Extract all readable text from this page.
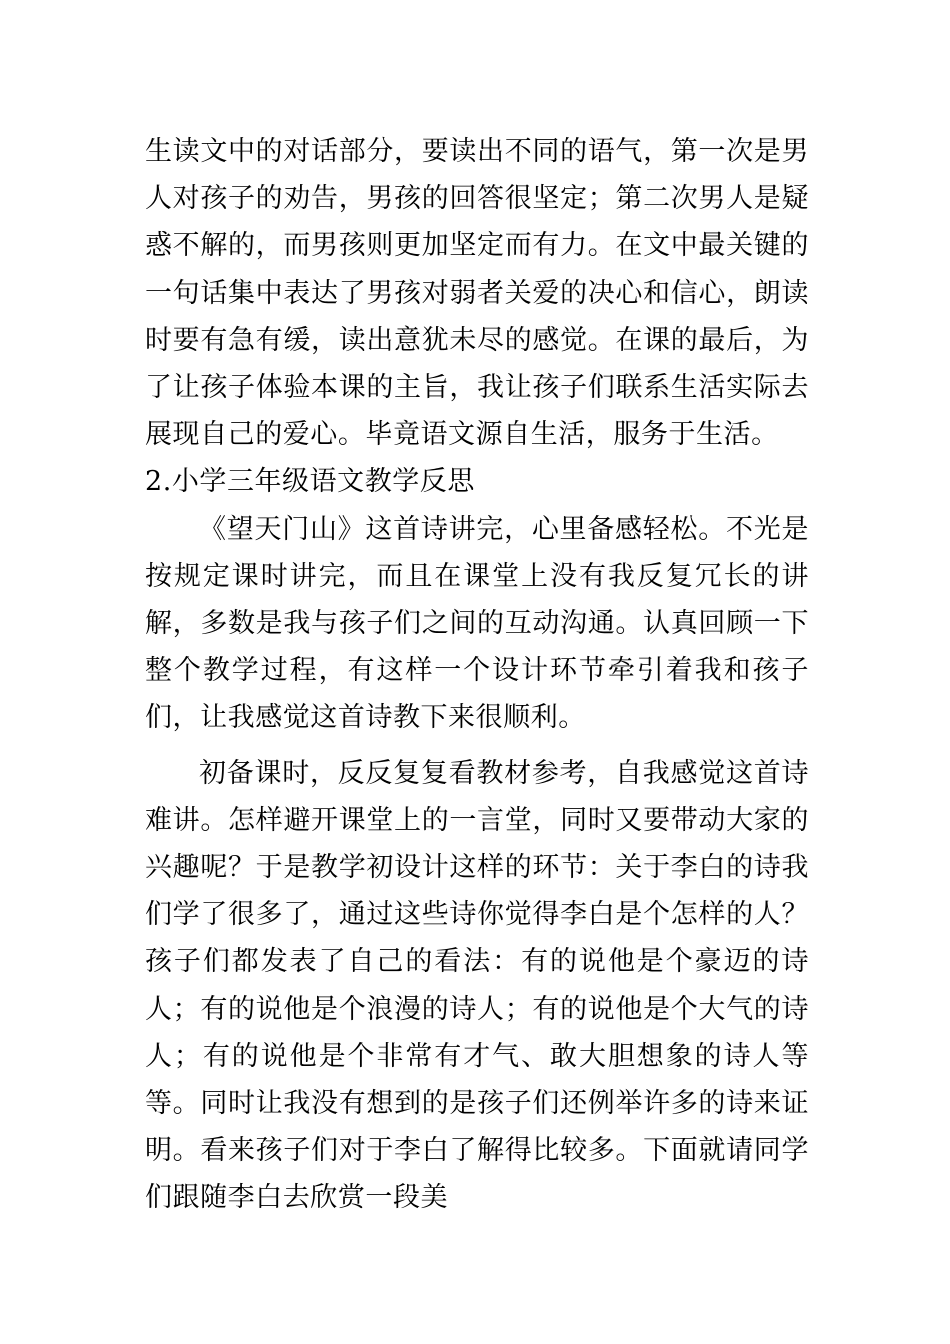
生读文中的对话部分，要读出不同的语气，第一次是男人对孩子的劝告，男孩的回答很坚定；第二次男人是疑惑不解的，而男孩则更加坚定而有力。在文中最关键的一句话集中表达了男孩对弱者关爱的决心和信心，朗读时要有急有缓，读出意犹未尽的感觉。在课的最后，为了让孩子体验本课的主旨，我让孩子们联系生活实际去展现自己的爱心。毕竟语文源自生活，服务于生活。

2.小学三年级语文教学反思

《望天门山》这首诗讲完，心里备感轻松。不光是按规定课时讲完，而且在课堂上没有我反复冗长的讲解，多数是我与孩子们之间的互动沟通。认真回顾一下整个教学过程，有这样一个设计环节牵引着我和孩子们，让我感觉这首诗教下来很顺利。

初备课时，反反复复看教材参考，自我感觉这首诗难讲。怎样避开课堂上的一言堂，同时又要带动大家的兴趣呢？于是教学初设计这样的环节：关于李白的诗我们学了很多了，通过这些诗你觉得李白是个怎样的人？孩子们都发表了自己的看法：有的说他是个豪迈的诗人；有的说他是个浪漫的诗人；有的说他是个大气的诗人；有的说他是个非常有才气、敢大胆想象的诗人等等。同时让我没有想到的是孩子们还例举许多的诗来证明。看来孩子们对于李白了解得比较多。下面就请同学们跟随李白去欣赏一段美
